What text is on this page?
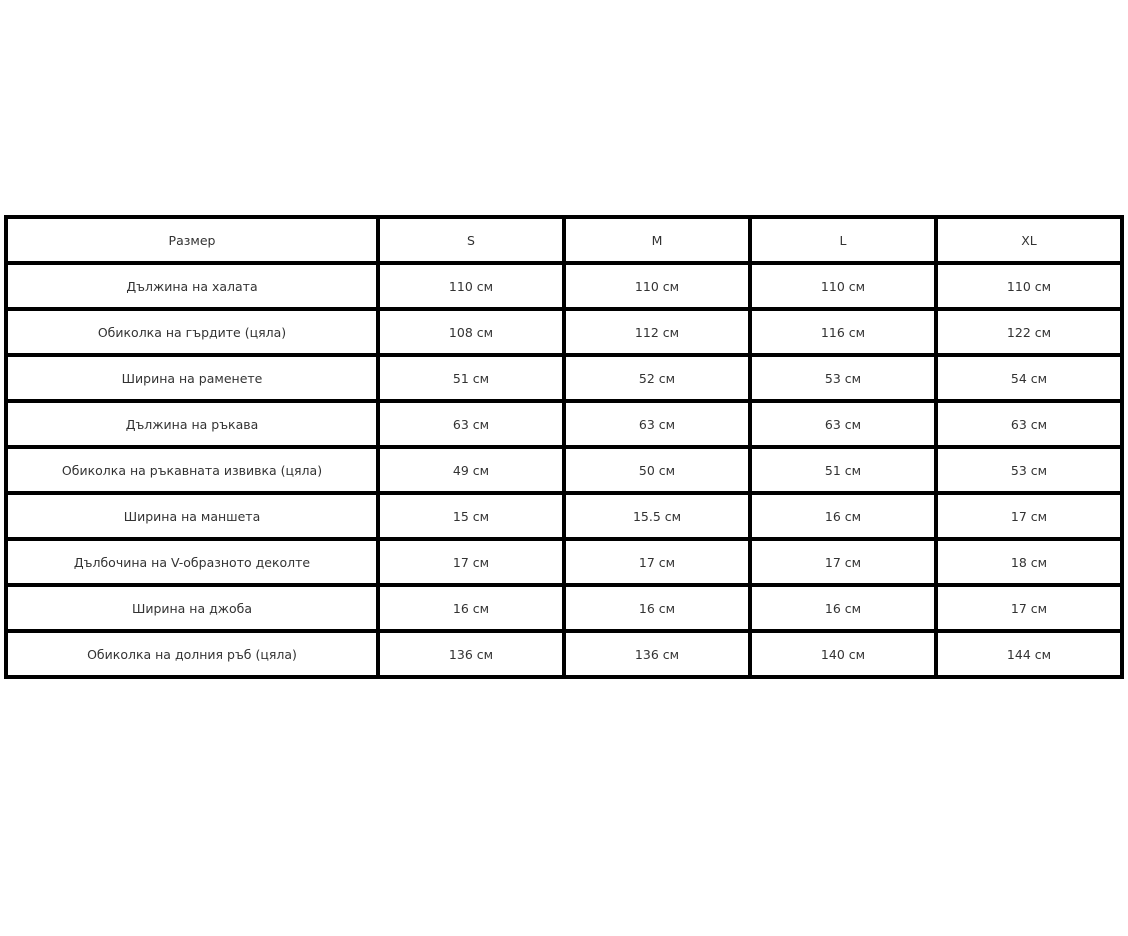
Размер	S	M	L	XL
Дължина на халата	110 см	110 см	110 см	110 см
Обиколка на гърдите (цяла)	108 см	112 см	116 см	122 см
Ширина на раменете	51 см	52 см	53 см	54 см
Дължина на ръкава	63 см	63 см	63 см	63 см
Обиколка на ръкавната извивка (цяла)	49 см	50 см	51 см	53 см
Ширина на маншета	15 см	15.5 см	16 см	17 см
Дълбочина на V-образното деколте	17 см	17 см	17 см	18 см
Ширина на джоба	16 см	16 см	16 см	17 см
Обиколка на долния ръб (цяла)	136 см	136 см	140 см	144 см
